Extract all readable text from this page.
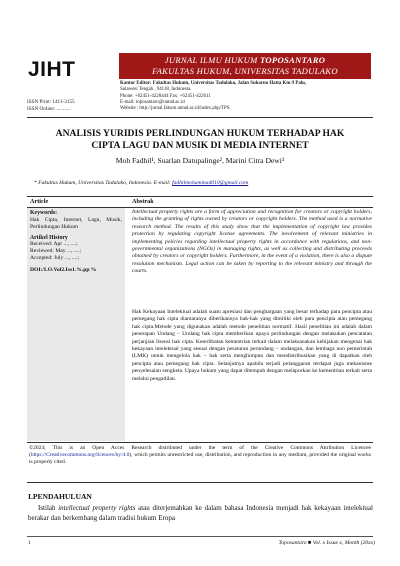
JIHT
ISSN Print: 1411-3155
ISSN Online: ...........
JURNAL ILMU HUKUM TOPOSANTARO
FAKULTAS HUKUM, UNIVERSITAS TADULAKO
Kantor Editor: Fakultas Hukum, Universitas Tadulako, Jalan Sukarno Hatta Km 9 Palu,
Sulawesi Tengah , 94118, Indonesia.
Phone: +62451-4228444 Fax: +62451-422611
E-mail: toposantaro@untad.ac.id
Website : http://jurnal.fakum.untad.ac.id/index.php/TPS
ANALISIS YURIDIS PERLINDUNGAN HUKUM TERHADAP HAK
CIPTA LAGU DAN MUSIK DI MEDIA INTERNET
Moh Fadhil¹, Suarlan Datupalinge², Marini Citra Dewi³
* Fakultas Hukum, Universitas Tadulako, Indonesia. E-mail: fadhilmohammad010@gmail.com
Article	Abstrak
Keywords:
Hak Cipta, Internet, Lagu, Musik, Perlindungan Hukum
Artikel History
Received: Apr ..., ....;
Reviewed: May ..., ....;
Accepted: July ..., ....;
DOI:/LO.Vol2.Iss1.%.pp %
Intellectual property rights are a form of appreciation and recognition for creators or copyright holders, including the granting of rights owned by creators or copyright holders. The method used is a normative research method. The results of this study show that the implementation of copyright law provides protection by regulating copyright license agreements. The involvement of relevant ministries in implementing policies regarding intellectual property rights in accordance with regulations, and non-governmental organizations (NGOs) in managing rights, as well as collecting and distributing proceeds obtained by creators or copyright holders. Furthermore, in the event of a violation, there is also a dispute resolution mechanism. Legal action can be taken by reporting to the relevant ministry and through the courts.
Hak Kekayaan Intelektual adalah suatu apresiasi dan penghargaan yang besar terhadap para pencipta atau pemegang hak cipta diantaranya diberikannya hak-hak yang dimiliki oleh para pencipta atau pemegang hak cipta.Metode yang digunakan adalah metode penelitian normatif. Hasil penelitian ini adalah dalam penerapan Undang – Undang hak cipta memberikan upaya perlindungan dengan melakukan pencatatan perjanjian lisensi hak cipta. Keterlibatan kementrian terkait dalam melaksanakan kebijakan mengenai hak kekayaan intelektual yang sesuai dengan peraturan perundang – undangan, dan lembaga non pemerintah (LMK) untuk mengelola hak – hak serta menghimpun dan mendistribusikan yang di dapatkan oleh pencipta atau pemegang hak cipta. Selanjutnya apabila terjadi pelanggaran terdapat juga mekanisme penyelesaian sengketa. Upaya hukum yang dapat ditempuh dengan melaporkan ke kementrian terkait serta melalui pengadilan.
©2024; This is an Open Acces Research distributed under the term of the Creative Commons Attribution Licencee (https://Creativecommons.org/licences/by/4.0), which permits unrestricted use, distribution, and reproduction in any medium, provided the original works is properly cited.
I.PENDAHULUAN
Istilah intellectual property rights atau diterjemahkan ke dalam bahasa Indonesia menjadi hak kekayaan intelektual berakar dan berkembang dalam tradisi hukum Eropa
1	Toposantaro ■ Vol. x Issue x, Month (20xx)
